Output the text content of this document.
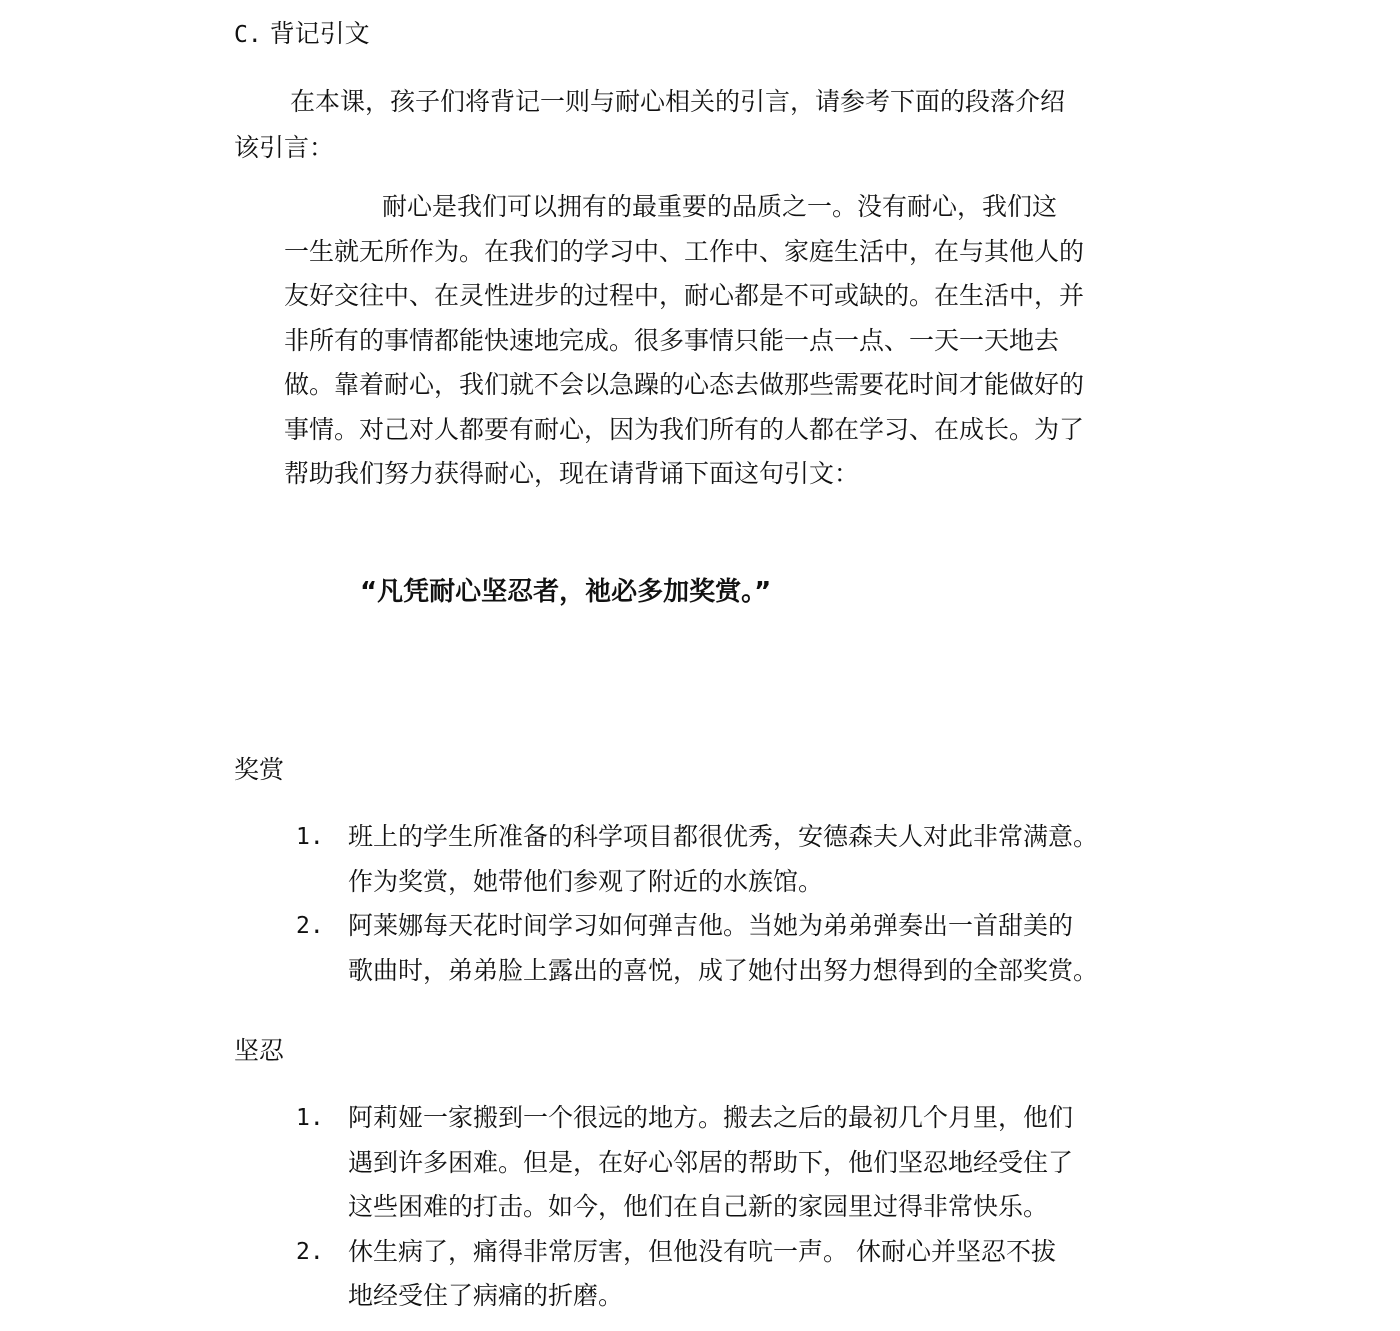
C. 背记引文
在本课，孩子们将背记一则与耐心相关的引言，请参考下面的段落介绍
该引言：
耐心是我们可以拥有的最重要的品质之一。没有耐心，我们这
一生就无所作为。在我们的学习中、工作中、家庭生活中，在与其他人的
友好交往中、在灵性进步的过程中，耐心都是不可或缺的。在生活中，并
非所有的事情都能快速地完成。很多事情只能一点一点、一天一天地去
做。靠着耐心，我们就不会以急躁的心态去做那些需要花时间才能做好的
事情。对己对人都要有耐心，因为我们所有的人都在学习、在成长。为了
帮助我们努力获得耐心，现在请背诵下面这句引文：
“凡凭耐心坚忍者，祂必多加奖赏。”
奖赏
1. 班上的学生所准备的科学项目都很优秀，安德森夫人对此非常满意。
作为奖赏，她带他们参观了附近的水族馆。
2. 阿莱娜每天花时间学习如何弹吉他。当她为弟弟弹奏出一首甜美的
歌曲时，弟弟脸上露出的喜悦，成了她付出努力想得到的全部奖赏。
坚忍
1. 阿莉娅一家搬到一个很远的地方。搬去之后的最初几个月里，他们
遇到许多困难。但是，在好心邻居的帮助下，他们坚忍地经受住了
这些困难的打击。如今，他们在自己新的家园里过得非常快乐。
2. 休生病了，痛得非常厉害，但他没有吭一声。 休耐心并坚忍不拔
地经受住了病痛的折磨。
